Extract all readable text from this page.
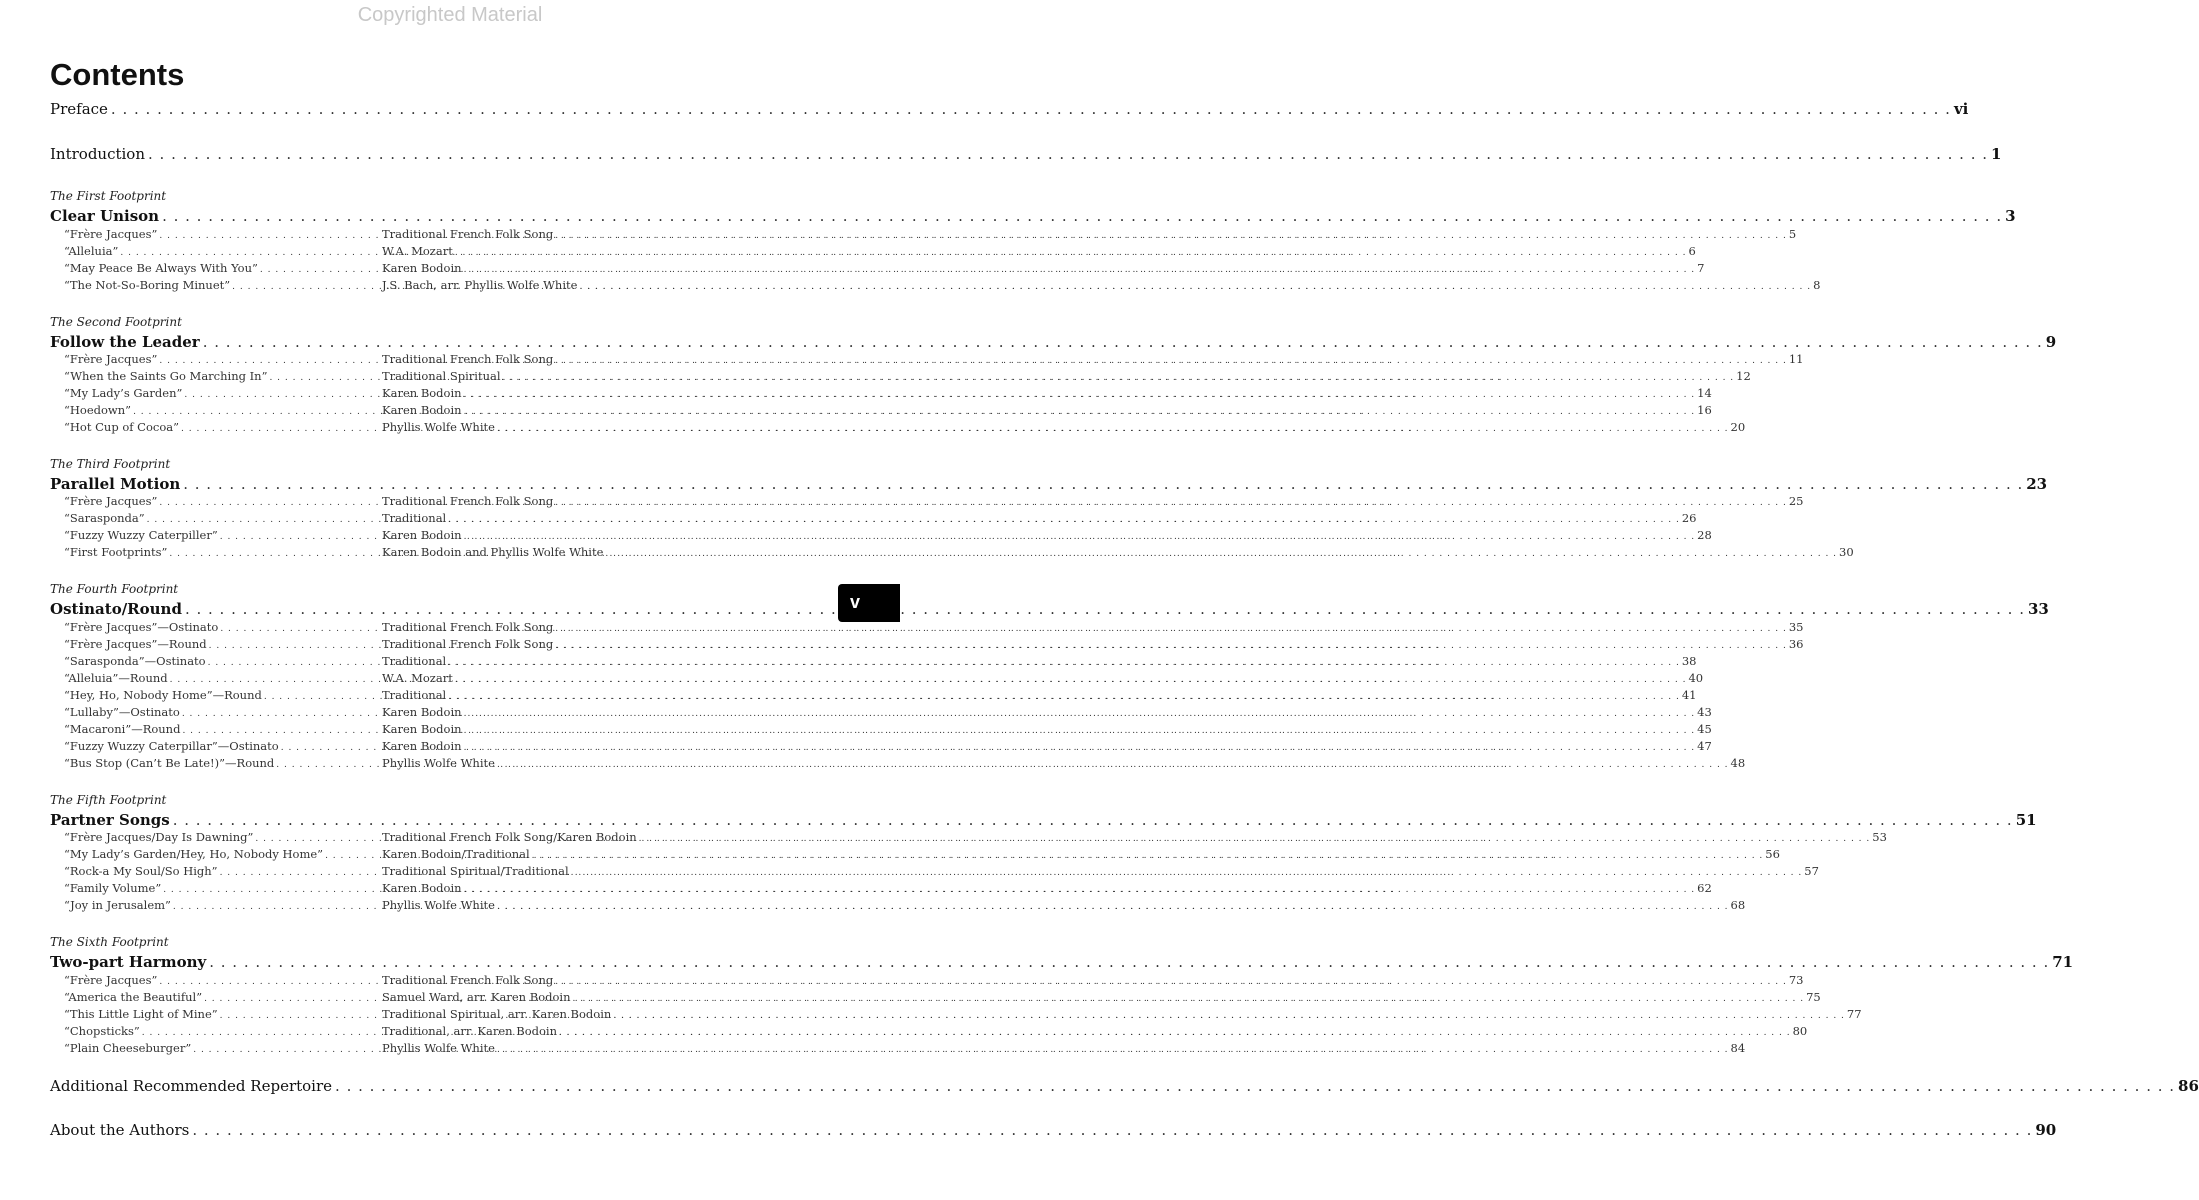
Copyrighted Material
Contents
Preface . . .	vi
Introduction . . .	1
The First Footprint
Clear Unison . . .	3
“Frère Jacques” . . .	Traditional French Folk Song . . .	5
“Alleluia” . . .	W.A. Mozart . . .	6
“May Peace Be Always With You” . . .	Karen Bodoin . . .	7
“The Not-So-Boring Minuet” . . .	J.S. Bach, arr. Phyllis Wolfe White . . .	8
The Second Footprint
Follow the Leader . . .	9
“Frère Jacques” . . .	Traditional French Folk Song . . .	11
“When the Saints Go Marching In” . . .	Traditional Spiritual . . .	12
“My Lady’s Garden” . . .	Karen Bodoin . . .	14
“Hoedown” . . .	Karen Bodoin . . .	16
“Hot Cup of Cocoa” . . .	Phyllis Wolfe White . . .	20
The Third Footprint
Parallel Motion . . .	23
“Frère Jacques” . . .	Traditional French Folk Song . . .	25
“Sarasponda” . . .	Traditional . . .	26
“Fuzzy Wuzzy Caterpiller” . . .	Karen Bodoin . . .	28
“First Footprints” . . .	Karen Bodoin and Phyllis Wolfe White . . .	30
The Fourth Footprint
Ostinato/Round . . .	33
“Frère Jacques”—Ostinato . . .	Traditional French Folk Song . . .	35
“Frère Jacques”—Round . . .	Traditional French Folk Song . . .	36
“Sarasponda”—Ostinato . . .	Traditional . . .	38
“Alleluia”—Round . . .	W.A. Mozart . . .	40
“Hey, Ho, Nobody Home”—Round . . .	Traditional . . .	41
“Lullaby”—Ostinato . . .	Karen Bodoin . . .	43
“Macaroni”—Round . . .	Karen Bodoin . . .	45
“Fuzzy Wuzzy Caterpillar”—Ostinato . . .	Karen Bodoin . . .	47
“Bus Stop (Can’t Be Late!)”—Round . . .	Phyllis Wolfe White . . .	48
The Fifth Footprint
Partner Songs . . .	51
“Frère Jacques/Day Is Dawning” . . .	Traditional French Folk Song/Karen Bodoin . . .	53
“My Lady’s Garden/Hey, Ho, Nobody Home” . . .	Karen Bodoin/Traditional . . .	56
“Rock-a My Soul/So High” . . .	Traditional Spiritual/Traditional . . .	57
“Family Volume” . . .	Karen Bodoin . . .	62
“Joy in Jerusalem” . . .	Phyllis Wolfe White . . .	68
The Sixth Footprint
Two-part Harmony . . .	71
“Frère Jacques” . . .	Traditional French Folk Song . . .	73
“America the Beautiful” . . .	Samuel Ward, arr. Karen Bodoin . . .	75
“This Little Light of Mine” . . .	Traditional Spiritual, arr. Karen Bodoin . . .	77
“Chopsticks” . . .	Traditional, arr. Karen Bodoin . . .	80
“Plain Cheeseburger” . . .	Phyllis Wolfe White . . .	84
Additional Recommended Repertoire . . .	86
About the Authors . . .	90
v
